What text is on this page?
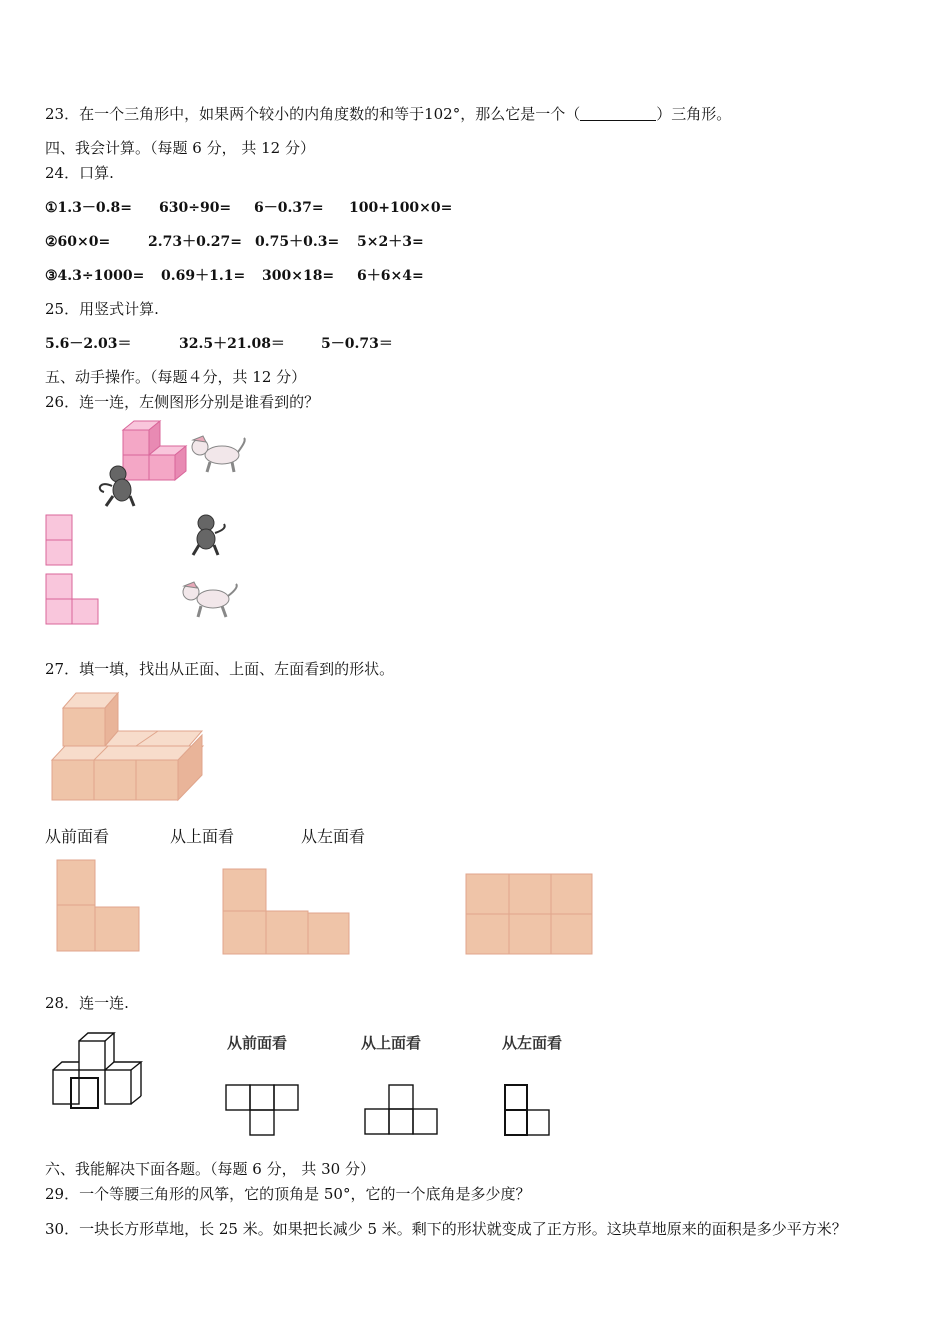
23．在一个三角形中，如果两个较小的内角度数的和等于102°，那么它是一个（	）三角形。
四、我会计算。（每题 6 分， 共 12 分）
24．口算.
①1.3－0.8= 630÷90= 6－0.37= 100+100×0=
②60×0=	2.73＋0.27= 0.75＋0.3= 5×2＋3=
③4.3÷1000= 0.69＋1.1= 300×18= 6＋6×4=
25．用竖式计算.
5.6－2.03＝	32.5＋21.08＝	5－0.73＝
五、动手操作。（每题４分，共 12 分）
26．连一连，左侧图形分别是谁看到的？
27．填一填，找出从正面、上面、左面看到的形状。
从前面看	从上面看	从左面看
28．连一连.
从前面看	从上面看	从左面看
六、我能解决下面各题。（每题 6 分， 共 30 分）
29．一个等腰三角形的风筝，它的顶角是 50°，它的一个底角是多少度？
30．一块长方形草地，长 25 米。如果把长减少 5 米。剩下的形状就变成了正方形。这块草地原来的面积是多少平方米？
